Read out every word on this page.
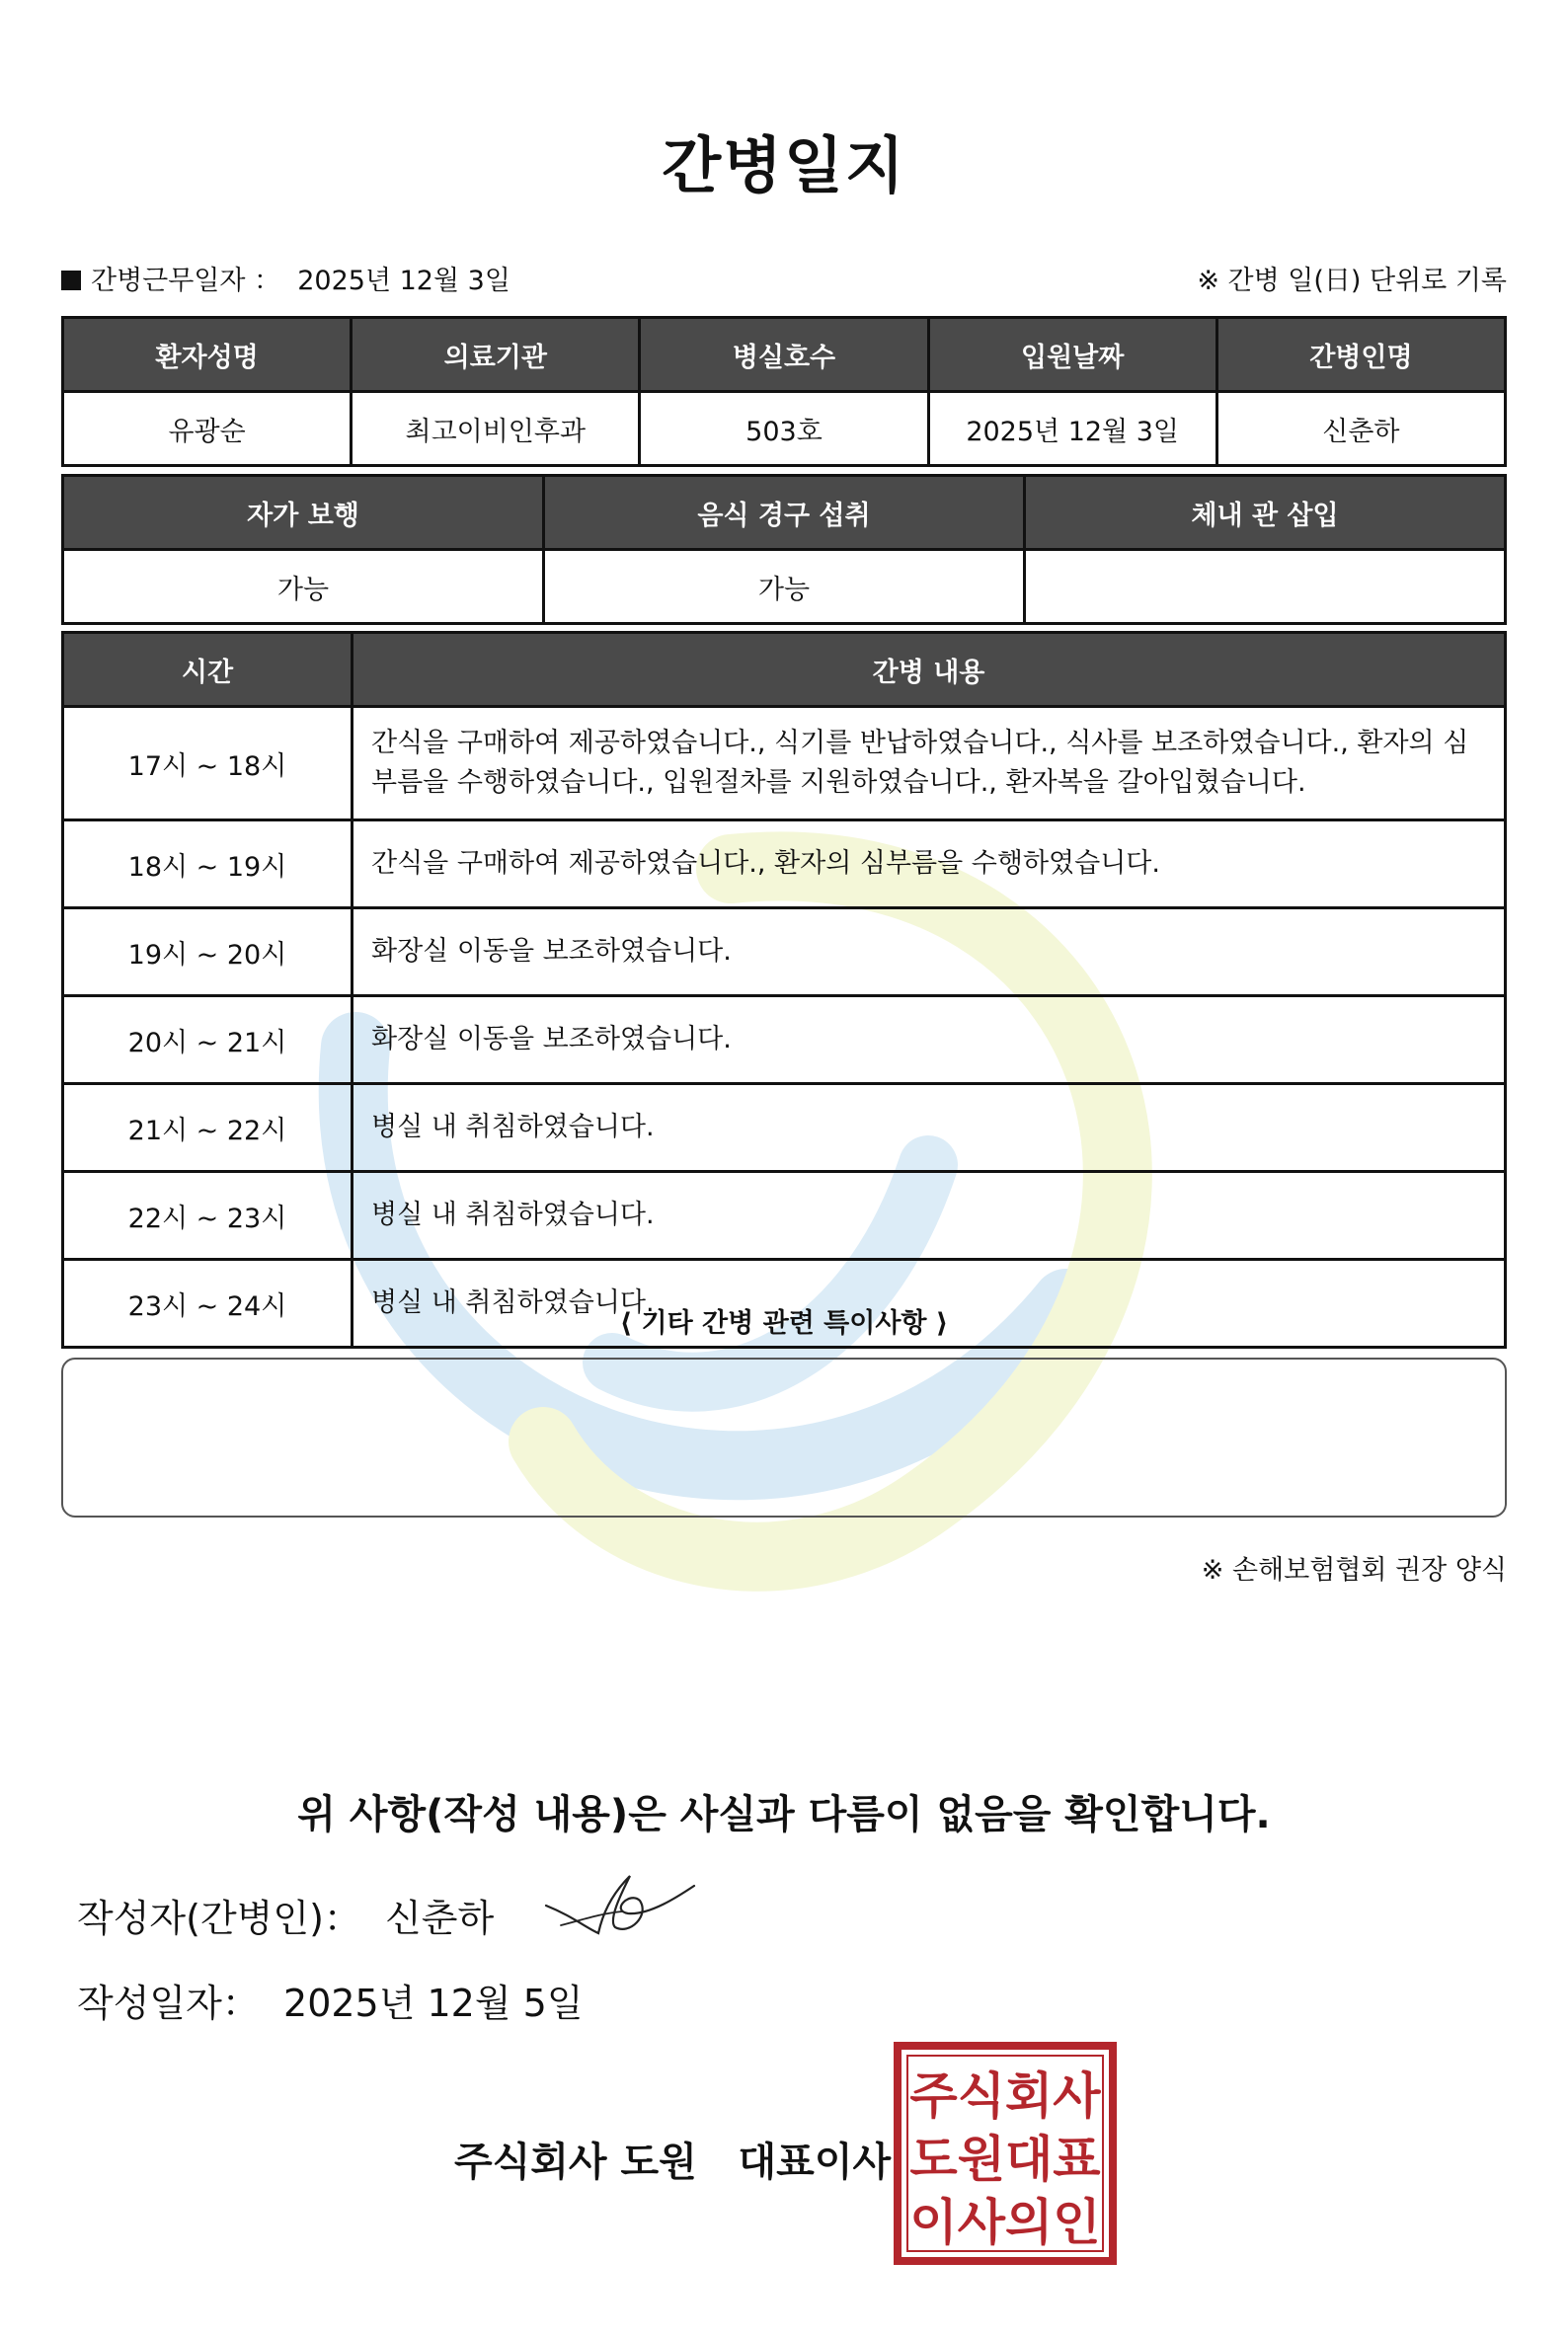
간병일지
간병근무일자 ： 2025년 12월 3일	※ 간병 일(日) 단위로 기록
환자성명	의료기관	병실호수	입원날짜	간병인명
유광순	최고이비인후과	503호	2025년 12월 3일	신춘하
자가 보행	음식 경구 섭취	체내 관 삽입
가능	가능	
시간	간병 내용
17시 ~ 18시	간식을 구매하여 제공하였습니다., 식기를 반납하였습니다., 식사를 보조하였습니다., 환자의 심부름을 수행하였습니다., 입원절차를 지원하였습니다., 환자복을 갈아입혔습니다.
18시 ~ 19시	간식을 구매하여 제공하였습니다., 환자의 심부름을 수행하였습니다.
19시 ~ 20시	화장실 이동을 보조하였습니다.
20시 ~ 21시	화장실 이동을 보조하였습니다.
21시 ~ 22시	병실 내 취침하였습니다.
22시 ~ 23시	병실 내 취침하였습니다.
23시 ~ 24시	병실 내 취침하였습니다.
⟨ 기타 간병 관련 특이사항 ⟩
※ 손해보험협회 권장 양식
위 사항(작성 내용)은 사실과 다름이 없음을 확인합니다.
작성자(간병인)： 신춘하
작성일자： 2025년 12월 5일
주식회사 도원   대표이사
주식회사
도원대표
이사의인
